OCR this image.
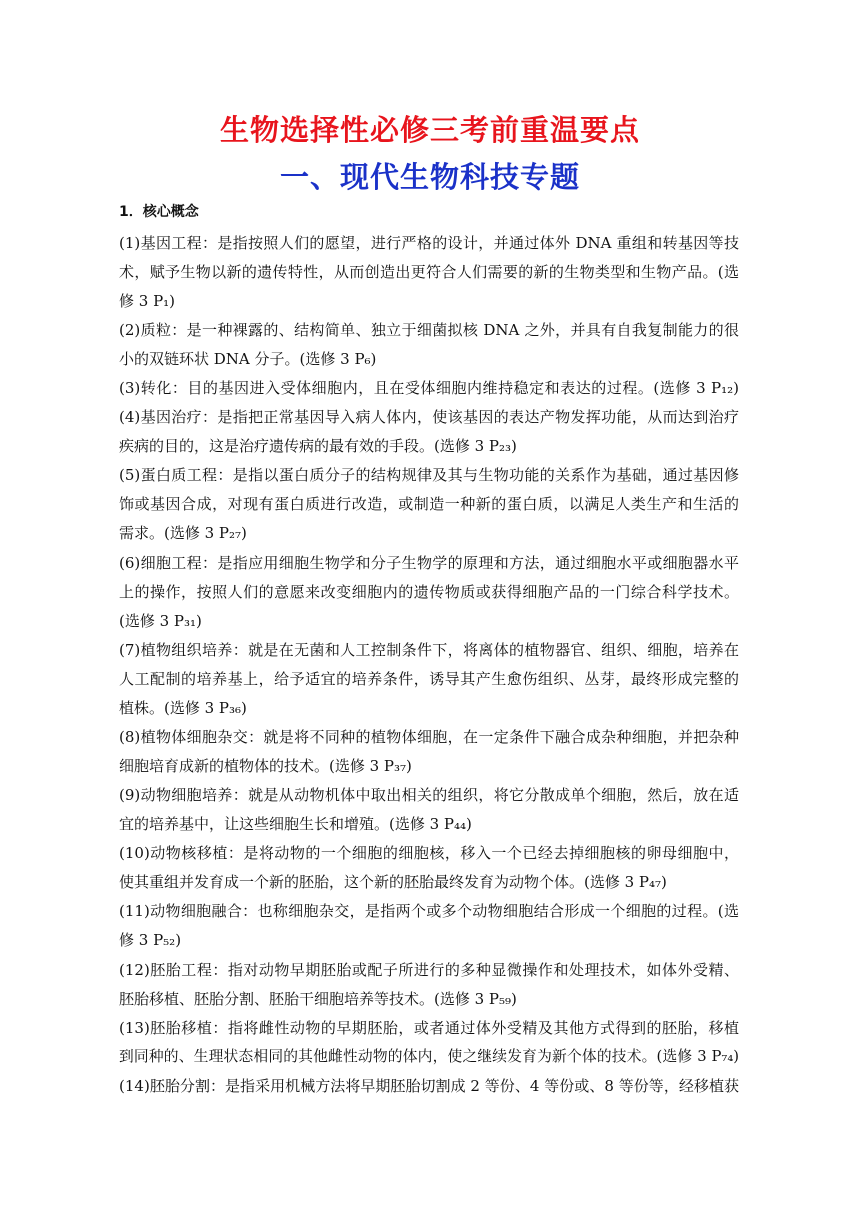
生物选择性必修三考前重温要点
一、现代生物科技专题
1．核心概念
(1)基因工程：是指按照人们的愿望，进行严格的设计，并通过体外 DNA 重组和转基因等技
术，赋予生物以新的遗传特性，从而创造出更符合人们需要的新的生物类型和生物产品。(选
修 3 P₁)
(2)质粒：是一种裸露的、结构简单、独立于细菌拟核 DNA 之外，并具有自我复制能力的很
小的双链环状 DNA 分子。(选修 3 P₆)
(3)转化：目的基因进入受体细胞内，且在受体细胞内维持稳定和表达的过程。(选修 3 P₁₂)
(4)基因治疗：是指把正常基因导入病人体内，使该基因的表达产物发挥功能，从而达到治疗
疾病的目的，这是治疗遗传病的最有效的手段。(选修 3 P₂₃)
(5)蛋白质工程：是指以蛋白质分子的结构规律及其与生物功能的关系作为基础，通过基因修
饰或基因合成，对现有蛋白质进行改造，或制造一种新的蛋白质，以满足人类生产和生活的
需求。(选修 3 P₂₇)
(6)细胞工程：是指应用细胞生物学和分子生物学的原理和方法，通过细胞水平或细胞器水平
上的操作，按照人们的意愿来改变细胞内的遗传物质或获得细胞产品的一门综合科学技术。
(选修 3 P₃₁)
(7)植物组织培养：就是在无菌和人工控制条件下，将离体的植物器官、组织、细胞，培养在
人工配制的培养基上，给予适宜的培养条件，诱导其产生愈伤组织、丛芽，最终形成完整的
植株。(选修 3 P₃₆)
(8)植物体细胞杂交：就是将不同种的植物体细胞，在一定条件下融合成杂种细胞，并把杂种
细胞培育成新的植物体的技术。(选修 3 P₃₇)
(9)动物细胞培养：就是从动物机体中取出相关的组织，将它分散成单个细胞，然后，放在适
宜的培养基中，让这些细胞生长和增殖。(选修 3 P₄₄)
(10)动物核移植：是将动物的一个细胞的细胞核，移入一个已经去掉细胞核的卵母细胞中，
使其重组并发育成一个新的胚胎，这个新的胚胎最终发育为动物个体。(选修 3 P₄₇)
(11)动物细胞融合：也称细胞杂交，是指两个或多个动物细胞结合形成一个细胞的过程。(选
修 3 P₅₂)
(12)胚胎工程：指对动物早期胚胎或配子所进行的多种显微操作和处理技术，如体外受精、
胚胎移植、胚胎分割、胚胎干细胞培养等技术。(选修 3 P₅₉)
(13)胚胎移植：指将雌性动物的早期胚胎，或者通过体外受精及其他方式得到的胚胎，移植
到同种的、生理状态相同的其他雌性动物的体内，使之继续发育为新个体的技术。(选修 3 P₇₄)
(14)胚胎分割：是指采用机械方法将早期胚胎切割成 2 等份、4 等份或、8 等份等，经移植获
